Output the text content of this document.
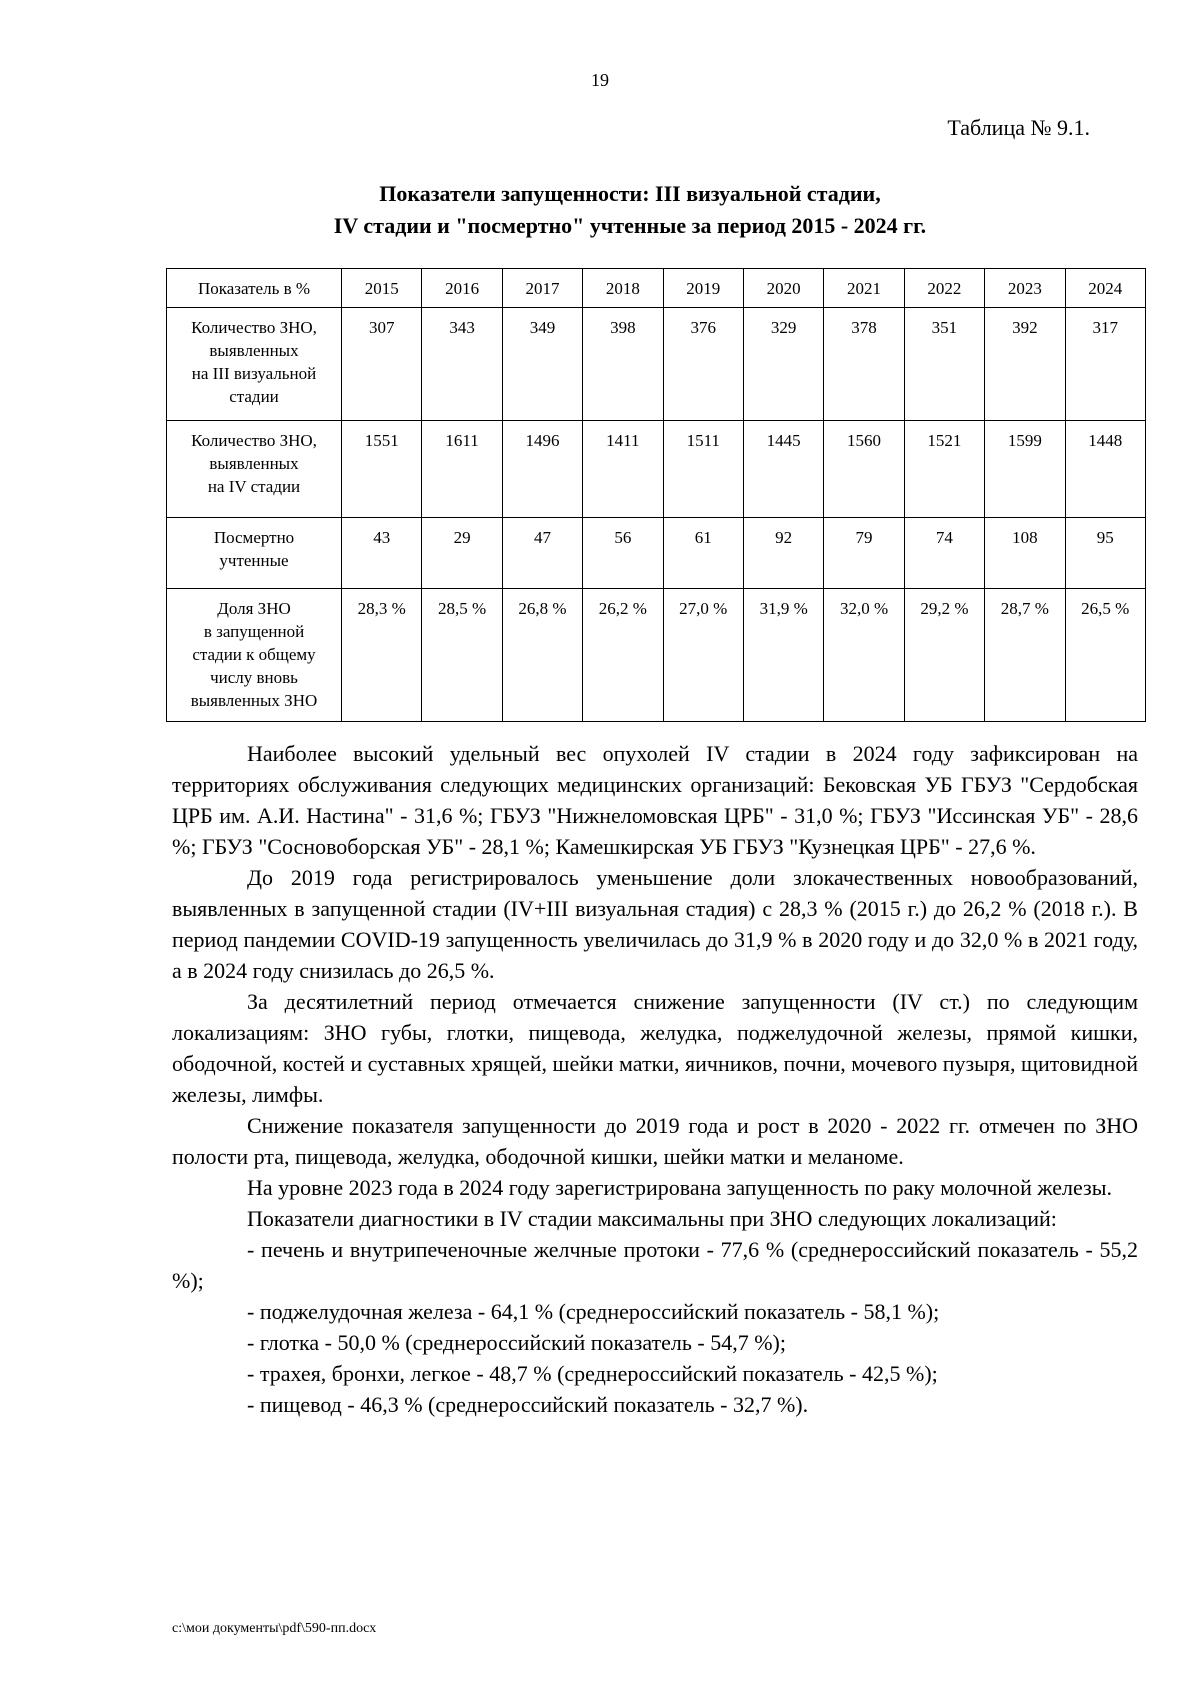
19
Таблица № 9.1.
Показатели запущенности: III визуальной стадии,
IV стадии и "посмертно" учтенные за период 2015 - 2024 гг.
Показатель в %	2015	2016	2017	2018	2019	2020	2021	2022	2023	2024

Количество ЗНО,
выявленных
на III визуальной
стадии	307	343	349	398	376	329	378	351	392	317

Количество ЗНО,
выявленных
на IV стадии	1551	1611	1496	1411	1511	1445	1560	1521	1599	1448

Посмертно
учтенные	43	29	47	56	61	92	79	74	108	95

Доля ЗНО
в запущенной
стадии к общему
числу вновь
выявленных ЗНО	28,3 %	28,5 %	26,8 %	26,2 %	27,0 %	31,9 %	32,0 %	29,2 %	28,7 %	26,5 %

Наиболее высокий удельный вес опухолей IV стадии в 2024 году зафиксирован на территориях обслуживания следующих медицинских организаций: Бековская УБ ГБУЗ "Сердобская ЦРБ им. А.И. Настина" - 31,6 %; ГБУЗ "Нижнеломовская ЦРБ" - 31,0 %; ГБУЗ "Иссинская УБ" - 28,6 %; ГБУЗ "Сосновоборская УБ" - 28,1 %; Камешкирская УБ ГБУЗ "Кузнецкая ЦРБ" - 27,6 %.

До 2019 года регистрировалось уменьшение доли злокачественных новообразований, выявленных в запущенной стадии (IV+III визуальная стадия) с 28,3 % (2015 г.) до 26,2 % (2018 г.). В период пандемии COVID-19 запущенность увеличилась до 31,9 % в 2020 году и до 32,0 % в 2021 году, а в 2024 году снизилась до 26,5 %.

За десятилетний период отмечается снижение запущенности (IV ст.) по следующим локализациям: ЗНО губы, глотки, пищевода, желудка, поджелудочной железы, прямой кишки, ободочной, костей и суставных хрящей, шейки матки, яичников, почни, мочевого пузыря, щитовидной железы, лимфы.

Снижение показателя запущенности до 2019 года и рост в 2020 - 2022 гг. отмечен по ЗНО полости рта, пищевода, желудка, ободочной кишки, шейки матки и меланоме.

На уровне 2023 года в 2024 году зарегистрирована запущенность по раку молочной железы.

Показатели диагностики в IV стадии максимальны при ЗНО следующих локализаций:

- печень и внутрипеченочные желчные протоки - 77,6 % (среднероссийский показатель - 55,2 %);
- поджелудочная железа - 64,1 % (среднероссийский показатель - 58,1 %);
- глотка - 50,0 % (среднероссийский показатель - 54,7 %);
- трахея, бронхи, легкое - 48,7 % (среднероссийский показатель - 42,5 %);
- пищевод - 46,3 % (среднероссийский показатель - 32,7 %).
c:\мои документы\pdf\590-пп.docx
